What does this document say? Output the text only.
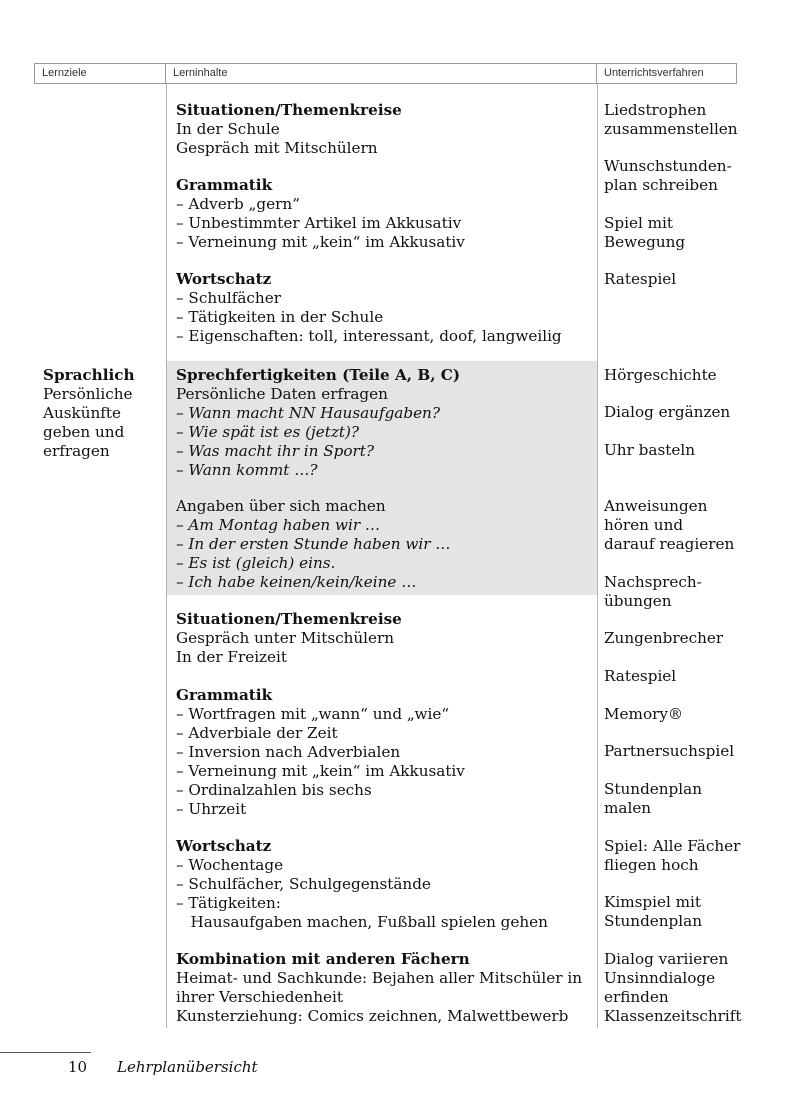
Lernziele	Lerninhalte	Unterrichtsverfahren
Sprachlich
Persönliche
Auskünfte
geben und
erfragen
Situationen/Themenkreise
In der Schule
Gespräch mit Mitschülern
Grammatik
– Adverb „gern“
– Unbestimmter Artikel im Akkusativ
– Verneinung mit „kein“ im Akkusativ
Wortschatz
– Schulfächer
– Tätigkeiten in der Schule
– Eigenschaften: toll, interessant, doof, langweilig
Sprechfertigkeiten (Teile A, B, C)
Persönliche Daten erfragen
– Wann macht NN Hausaufgaben?
– Wie spät ist es (jetzt)?
– Was macht ihr in Sport?
– Wann kommt …?
Angaben über sich machen
– Am Montag haben wir …
– In der ersten Stunde haben wir …
– Es ist (gleich) eins.
– Ich habe keinen/kein/keine …
Situationen/Themenkreise
Gespräch unter Mitschülern
In der Freizeit
Grammatik
– Wortfragen mit „wann“ und „wie“
– Adverbiale der Zeit
– Inversion nach Adverbialen
– Verneinung mit „kein“ im Akkusativ
– Ordinalzahlen bis sechs
– Uhrzeit
Wortschatz
– Wochentage
– Schulfächer, Schulgegenstände
– Tätigkeiten:
Hausaufgaben machen, Fußball spielen gehen
Kombination mit anderen Fächern
Heimat- und Sachkunde: Bejahen aller Mitschüler in
ihrer Verschiedenheit
Kunsterziehung: Comics zeichnen, Malwettbewerb
Liedstrophen
zusammenstellen
Wunschstunden-
plan schreiben
Spiel mit
Bewegung
Ratespiel
Hörgeschichte
Dialog ergänzen
Uhr basteln
Anweisungen
hören und
darauf reagieren
Nachsprech-
übungen
Zungenbrecher
Ratespiel
Memory®
Partnersuchspiel
Stundenplan
malen
Spiel: Alle Fächer
fliegen hoch
Kimspiel mit
Stundenplan
Dialog variieren
Unsinndialoge
erfinden
Klassenzeitschrift
10 Lehrplanübersicht
